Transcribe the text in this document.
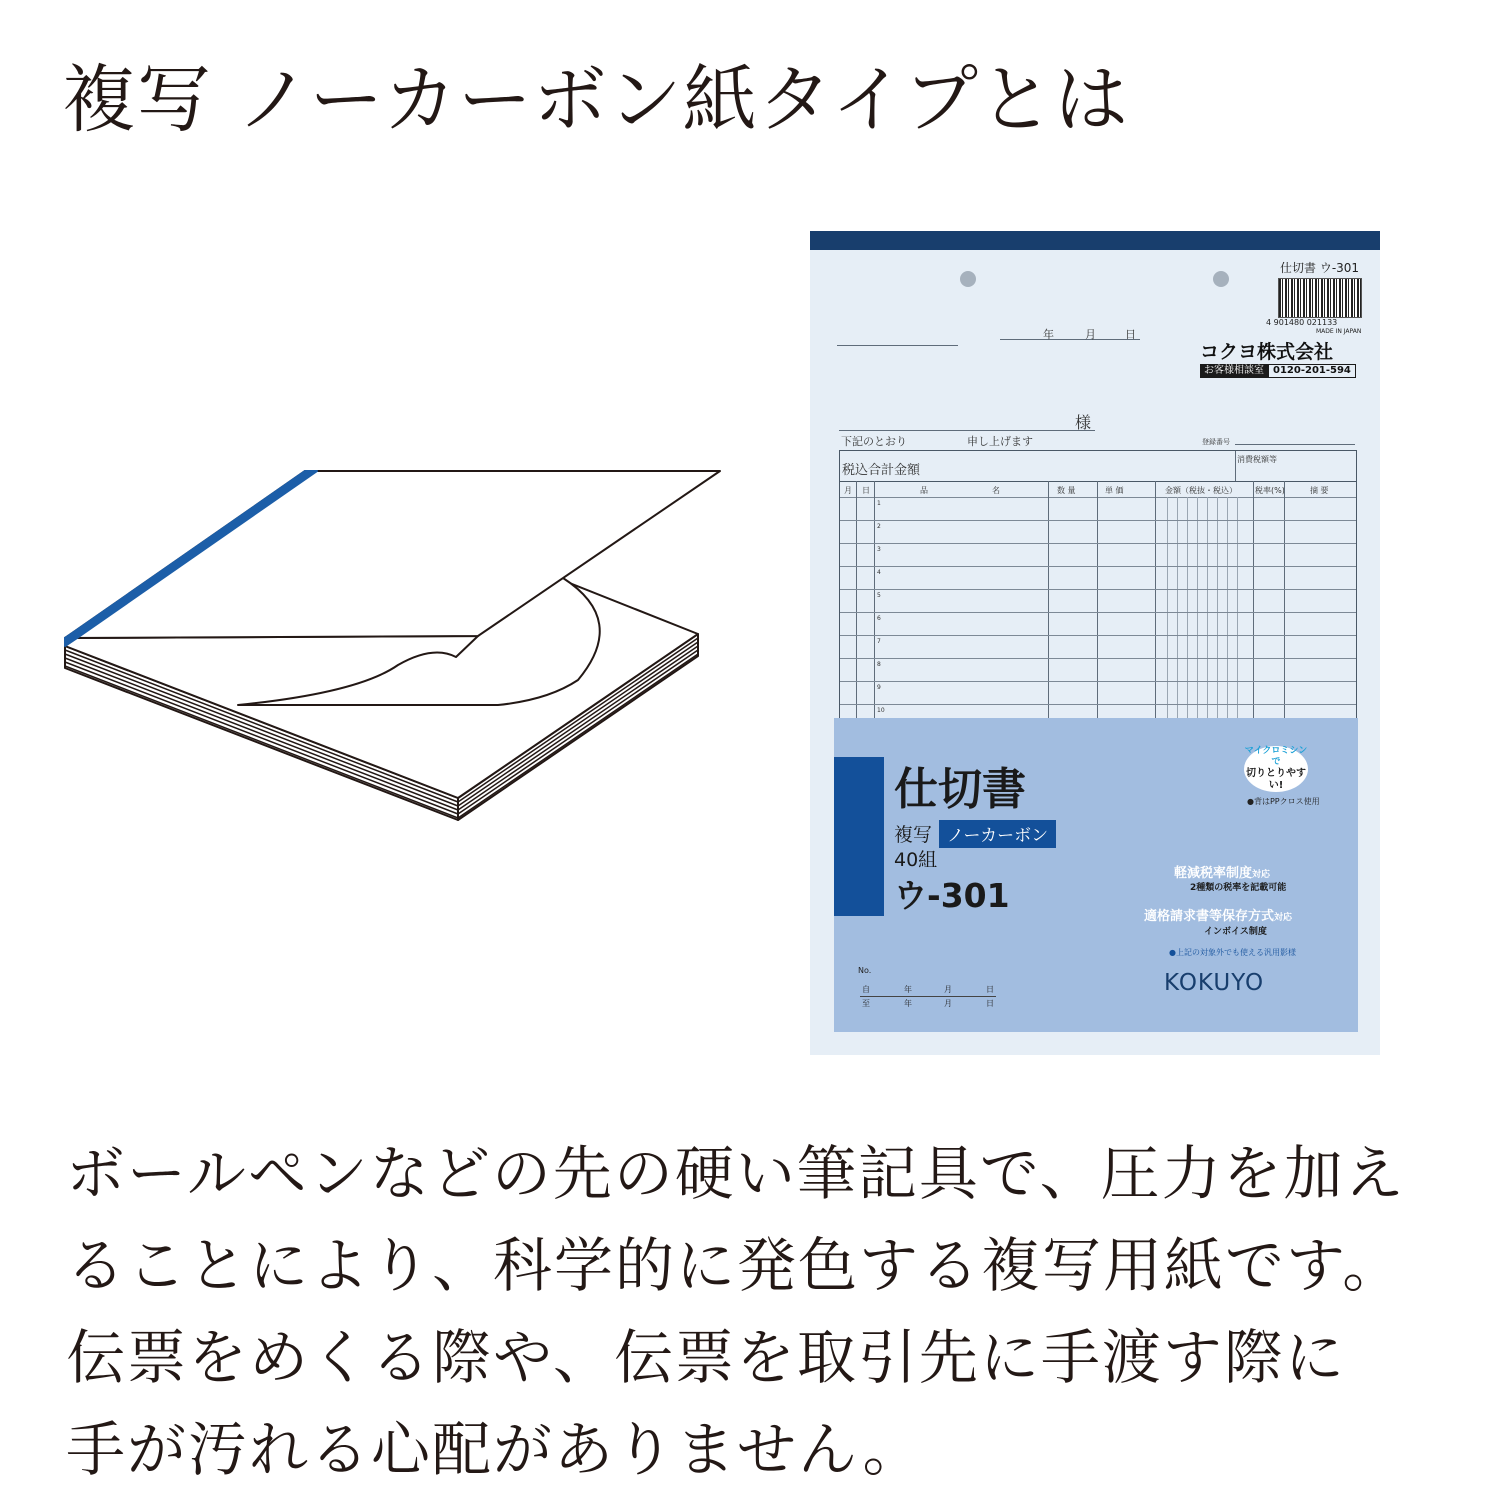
複写 ノーカーボン紙タイプとは
仕切書 ウ-301
4 901480 021133
MADE IN JAPAN
コクヨ株式会社
お客様相談室 0120-201-594
年	月	日
様
下記のとおり	申し上げます	登録番号
税込合計金額
消費税額等
月 日	品	名	数 量	単 価	金額（税抜・税込） 税率(%)	摘 要
1
2
3
4
5
6
7
8
9
10
仕切書
複写 ノーカーボン
40組
ウ-301
マイクロミシンで
切りとりやすい!
●背はPPクロス使用
軽減税率制度対応
2種類の税率を記載可能
適格請求書等保存方式対応
インボイス制度
●上記の対象外でも使える汎用影様
No.
自	年	月	日
至	年	月	日
KOKUYO

ボールペンなどの先の硬い筆記具で、圧力を加え
ることにより、科学的に発色する複写用紙です。
伝票をめくる際や、伝票を取引先に手渡す際に
手が汚れる心配がありません。
